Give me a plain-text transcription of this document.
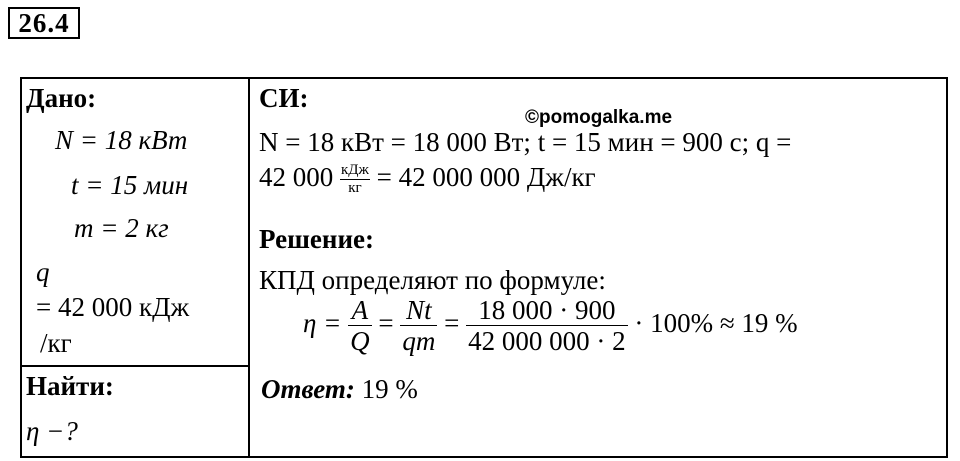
26.4
Дано:
N = 18 кВт
t = 15 мин
m = 2 кг
q
= 42 000 кДж
/кг
Найти:
η −?
СИ:
©pomogalka.me
N = 18 кВт = 18 000 Вт; t = 15 мин = 900 с; q =
42 000 кДж
кг = 42 000 000 Дж/кг
Решение:
КПД определяют по формуле:
$\eta = \frac{A}{Q} = \frac{Nt}{qm} = \frac{18 000 \cdot 900}{42 000 000 \cdot 2} \cdot 100\% \approx 19$ %
Ответ: 19 %
